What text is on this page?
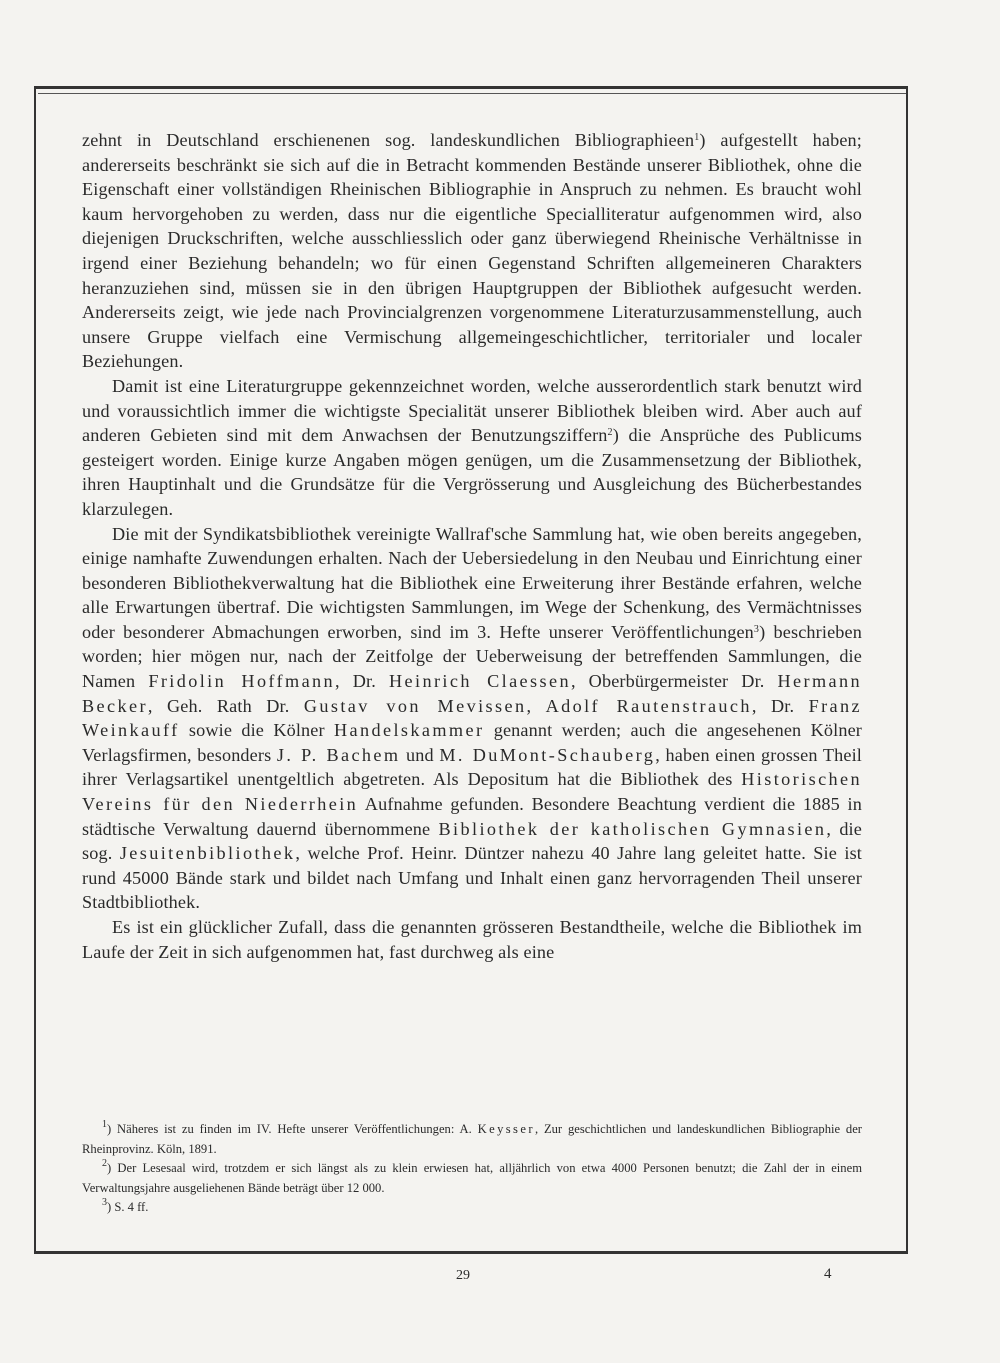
zehnt in Deutschland erschienenen sog. landeskundlichen Bibliographieen$^1$) aufgestellt haben; andererseits beschränkt sie sich auf die in Betracht kommenden Bestände unserer Bibliothek, ohne die Eigenschaft einer vollständigen Rheinischen Bibliographie in Anspruch zu nehmen. Es braucht wohl kaum hervorgehoben zu werden, dass nur die eigentliche Specialliteratur aufgenommen wird, also diejenigen Druckschriften, welche ausschliesslich oder ganz überwiegend Rheinische Verhältnisse in irgend einer Beziehung behandeln; wo für einen Gegenstand Schriften allgemeineren Charakters heranzuziehen sind, müssen sie in den übrigen Hauptgruppen der Bibliothek aufgesucht werden. Andererseits zeigt, wie jede nach Provincialgrenzen vorgenommene Literaturzusammenstellung, auch unsere Gruppe vielfach eine Vermischung allgemeingeschichtlicher, territorialer und localer Beziehungen.

Damit ist eine Literaturgruppe gekennzeichnet worden, welche ausserordentlich stark benutzt wird und voraussichtlich immer die wichtigste Specialität unserer Bibliothek bleiben wird. Aber auch auf anderen Gebieten sind mit dem Anwachsen der Benutzungsziffern$^2$) die Ansprüche des Publicums gesteigert worden. Einige kurze Angaben mögen genügen, um die Zusammensetzung der Bibliothek, ihren Hauptinhalt und die Grundsätze für die Vergrösserung und Ausgleichung des Bücherbestandes klarzulegen.

Die mit der Syndikatsbibliothek vereinigte Wallraf'sche Sammlung hat, wie oben bereits angegeben, einige namhafte Zuwendungen erhalten. Nach der Uebersiedelung in den Neubau und Einrichtung einer besonderen Bibliothekverwaltung hat die Bibliothek eine Erweiterung ihrer Bestände erfahren, welche alle Erwartungen übertraf. Die wichtigsten Sammlungen, im Wege der Schenkung, des Vermächtnisses oder besonderer Abmachungen erworben, sind im 3. Hefte unserer Veröffentlichungen$^3$) beschrieben worden; hier mögen nur, nach der Zeitfolge der Ueberweisung der betreffenden Sammlungen, die Namen Fridolin Hoffmann, Dr. Heinrich Claessen, Oberbürgermeister Dr. Hermann Becker, Geh. Rath Dr. Gustav von Mevissen, Adolf Rautenstrauch, Dr. Franz Weinkauff sowie die Kölner Handelskammer genannt werden; auch die angesehenen Kölner Verlagsfirmen, besonders J. P. Bachem und M. DuMont-Schauberg, haben einen grossen Theil ihrer Verlagsartikel unentgeltlich abgetreten. Als Depositum hat die Bibliothek des Historischen Vereins für den Niederrhein Aufnahme gefunden. Besondere Beachtung verdient die 1885 in städtische Verwaltung dauernd übernommene Bibliothek der katholischen Gymnasien, die sog. Jesuitenbibliothek, welche Prof. Heinr. Düntzer nahezu 40 Jahre lang geleitet hatte. Sie ist rund 45000 Bände stark und bildet nach Umfang und Inhalt einen ganz hervorragenden Theil unserer Stadtbibliothek.

Es ist ein glücklicher Zufall, dass die genannten grösseren Bestandtheile, welche die Bibliothek im Laufe der Zeit in sich aufgenommen hat, fast durchweg als eine

$^1$) Näheres ist zu finden im IV. Hefte unserer Veröffentlichungen: A. Keysser, Zur geschichtlichen und landeskundlichen Bibliographie der Rheinprovinz. Köln, 1891.

$^2$) Der Lesesaal wird, trotzdem er sich längst als zu klein erwiesen hat, alljährlich von etwa 4000 Personen benutzt; die Zahl der in einem Verwaltungsjahre ausgeliehenen Bände beträgt über 12 000.

$^3$) S. 4 ff.

29	4
